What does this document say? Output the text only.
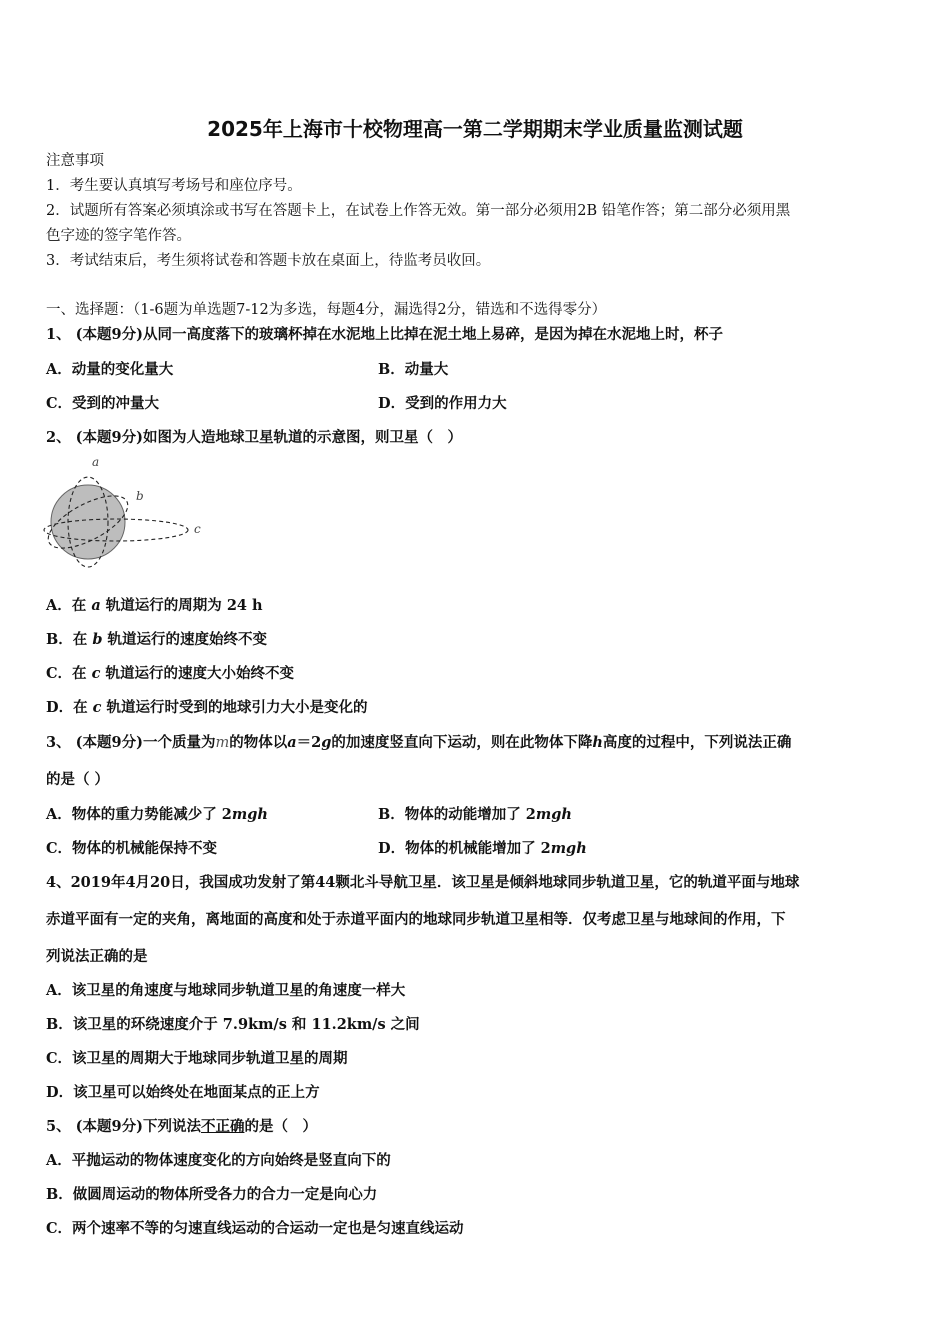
2025年上海市十校物理高一第二学期期末学业质量监测试题
注意事项
1．考生要认真填写考场号和座位序号。
2．试题所有答案必须填涂或书写在答题卡上，在试卷上作答无效。第一部分必须用2B 铅笔作答；第二部分必须用黑
色字迹的签字笔作答。
3．考试结束后，考生须将试卷和答题卡放在桌面上，待监考员收回。
一、选择题：（1-6题为单选题7-12为多选，每题4分，漏选得2分，错选和不选得零分）
1、 (本题9分)从同一高度落下的玻璃杯掉在水泥地上比掉在泥土地上易碎，是因为掉在水泥地上时，杯子
A．动量的变化量大	B．动量大
C．受到的冲量大	D．受到的作用力大
2、 (本题9分)如图为人造地球卫星轨道的示意图，则卫星（　）
a
b
c
A．在 a 轨道运行的周期为 24 h
B．在 b 轨道运行的速度始终不变
C．在 c 轨道运行的速度大小始终不变
D．在 c 轨道运行时受到的地球引力大小是变化的
3、 (本题9分)一个质量为m的物体以a＝2g的加速度竖直向下运动，则在此物体下降h高度的过程中，下列说法正确
的是（ ）
A．物体的重力势能减少了 2mgh	B．物体的动能增加了 2mgh
C．物体的机械能保持不变	D．物体的机械能增加了 2mgh
4、2019年4月20日，我国成功发射了第44颗北斗导航卫星．该卫星是倾斜地球同步轨道卫星，它的轨道平面与地球
赤道平面有一定的夹角，离地面的高度和处于赤道平面内的地球同步轨道卫星相等．仅考虑卫星与地球间的作用，下
列说法正确的是
A．该卫星的角速度与地球同步轨道卫星的角速度一样大
B．该卫星的环绕速度介于 7.9km/s 和 11.2km/s 之间
C．该卫星的周期大于地球同步轨道卫星的周期
D．该卫星可以始终处在地面某点的正上方
5、 (本题9分)下列说法不正确的是（　）
A．平抛运动的物体速度变化的方向始终是竖直向下的
B．做圆周运动的物体所受各力的合力一定是向心力
C．两个速率不等的匀速直线运动的合运动一定也是匀速直线运动
